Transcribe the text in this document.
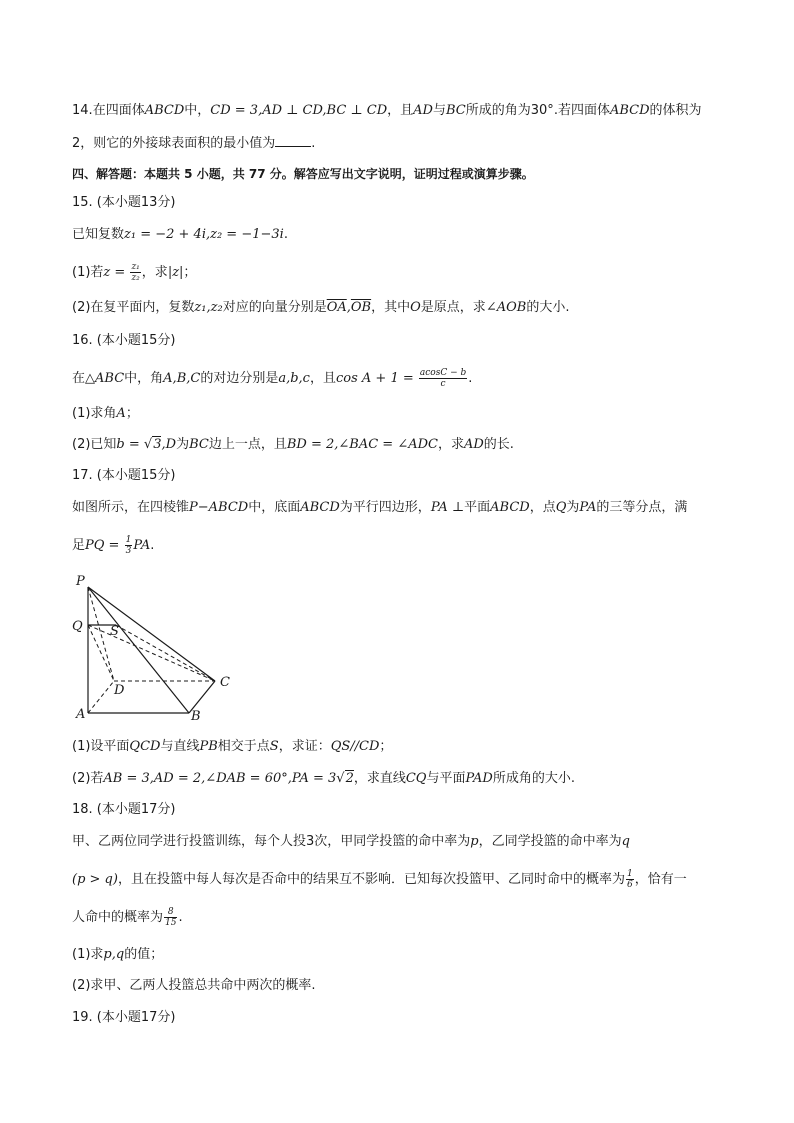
14.在四面体ABCD中，CD = 3,AD ⊥ CD,BC ⊥ CD，且AD与BC所成的角为30°.若四面体ABCD的体积为
2，则它的外接球表面积的最小值为	.
四、解答题：本题共 5 小题，共 77 分。解答应写出文字说明，证明过程或演算步骤。
15. (本小题13分)
已知复数z₁ = −2 + 4i,z₂ = −1−3i.
(1)若$z = \frac{\text{z₁}}{\text{z₂}}$ ，求|z|；
(2)在复平面内，复数z₁,z₂对应的向量分别是$\overline{OA},\overline{OB}$，其中O是原点，求∠AOB的大小.
16. (本小题15分)
在△ABC中，角A,B,C的对边分别是a,b,c，且$\cos A + 1 = \frac{acosC - b}{c}$ .
(1)求角A；
(2)已知b = √3,D为BC边上一点，且BD = 2,∠BAC = ∠ADC，求AD的长.
17. (本小题15分)
如图所示，在四棱锥P−ABCD中，底面ABCD为平行四边形，PA ⊥平面ABCD，点Q为PA的三等分点，满
足PQ = $\frac{1}{3}$ PA.
P
Q S
D
C
A	B
(1)设平面QCD与直线PB相交于点S，求证：QS//CD；
(2)若AB = 3,AD = 2,∠DAB = 60°,PA = 3√2，求直线CQ与平面PAD所成角的大小.
18. (本小题17分)
甲、乙两位同学进行投篮训练，每个人投3次，甲同学投篮的命中率为p，乙同学投篮的命中率为q
(p > q)，且在投篮中每人每次是否命中的结果互不影响．已知每次投篮甲、乙同时命中的概率为 $\frac{1}{6}$ ，恰有一
人命中的概率为 $\frac{8}{15}$ .
(1)求p,q的值；
(2)求甲、乙两人投篮总共命中两次的概率.
19. (本小题17分)
